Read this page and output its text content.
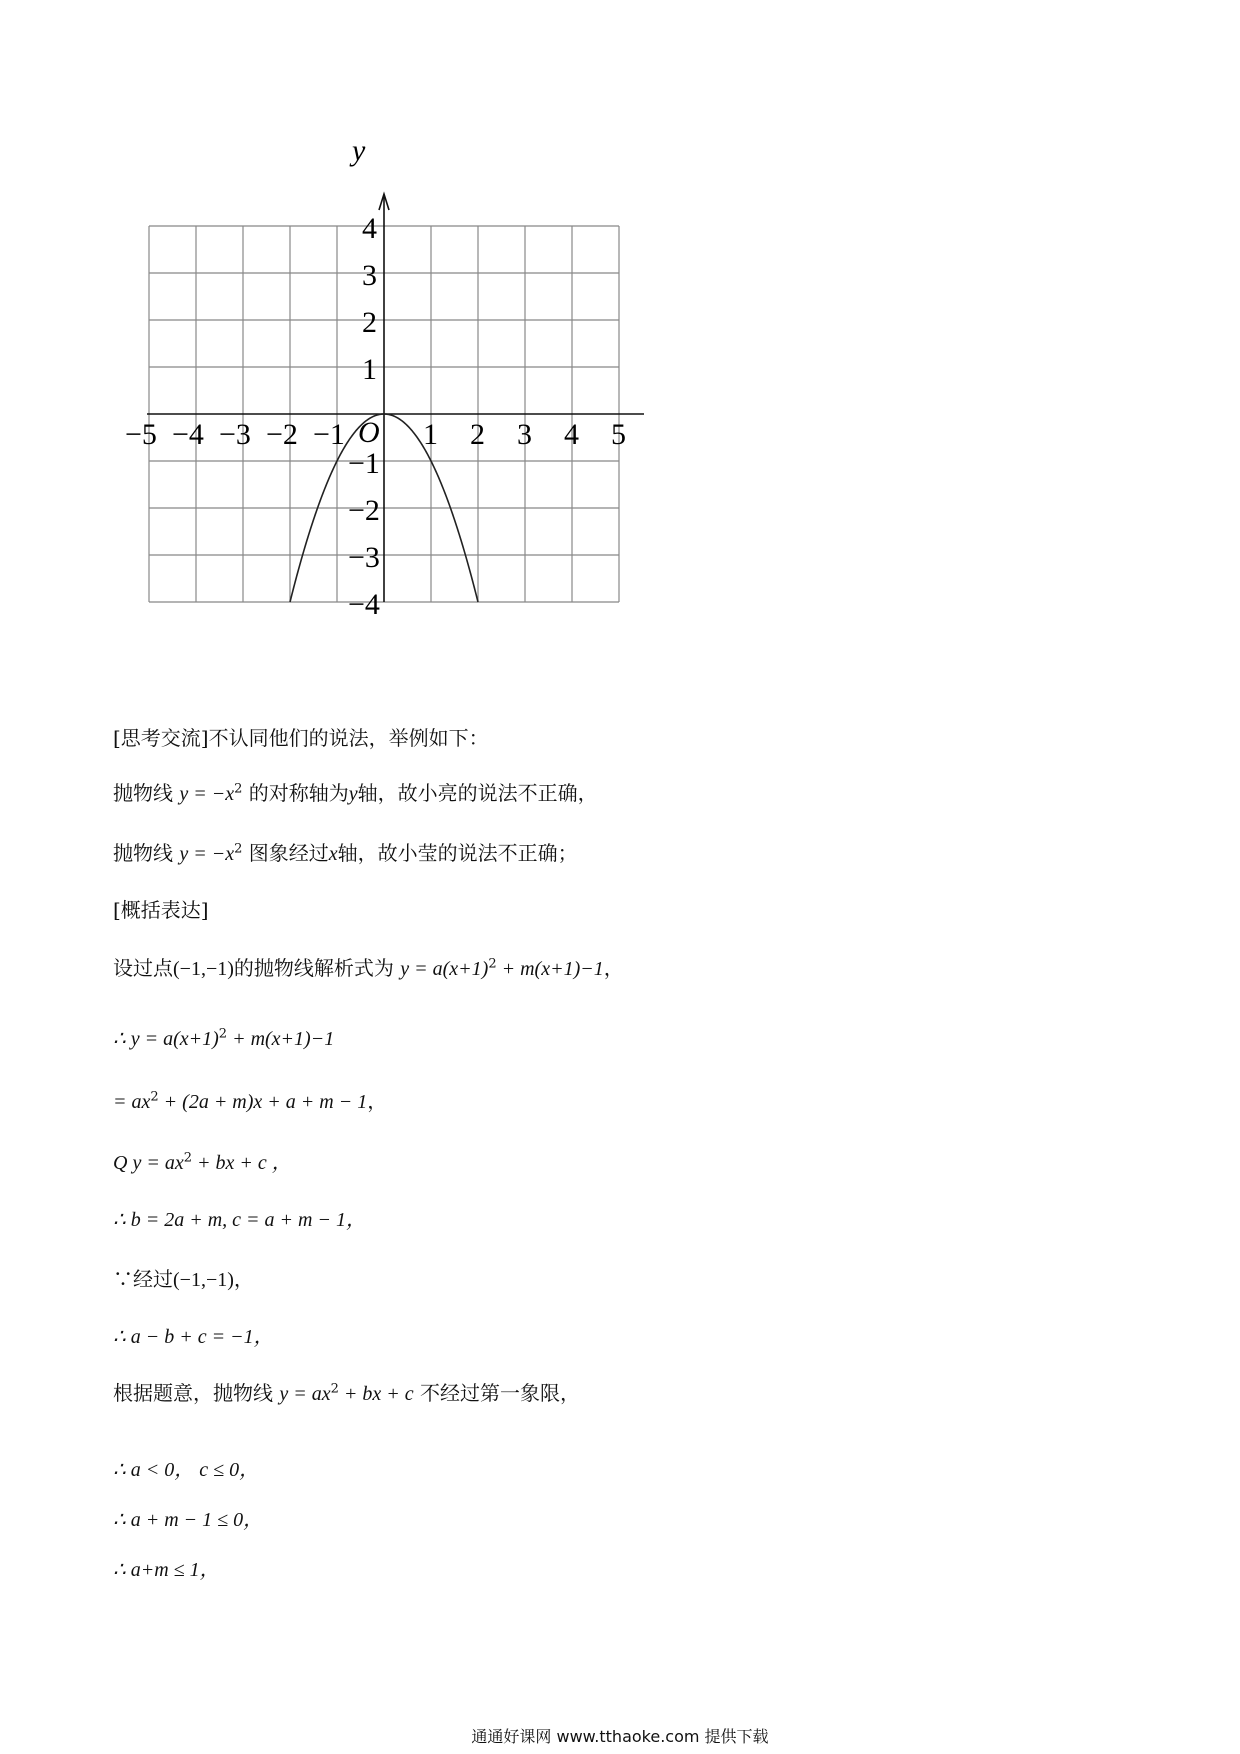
−5 −4 −3 −2 −1	1 2 3 4 5
4
3
2
1
−1
−2
−3
−4
y
O
[思考交流]不认同他们的说法，举例如下：
抛物线 $y = -x^2$ 的对称轴为y轴，故小亮的说法不正确，
抛物线 $y = -x^2$ 图象经过x轴，故小莹的说法不正确；
[概括表达]
设过点(−1,−1)的抛物线解析式为 $y = a(x+1)^2 + m(x+1)-1$，
∴ $y = a(x+1)^2 + m(x+1)-1$
= $ax^2 + (2a + m)x + a + m - 1$，
Q $y = ax^2$ + bx + c ，
∴ b = 2a + m, c = a + m − 1，
∵经过(−1,−1)，
∴ a − b + c = −1，
根据题意，抛物线 $y = ax^2$ + bx + c 不经过第一象限，
∴ a < 0， c ≤ 0，
∴ a + m − 1 ≤ 0，
∴ a+m ≤ 1，
通通好课网 www.tthaoke.com 提供下载
